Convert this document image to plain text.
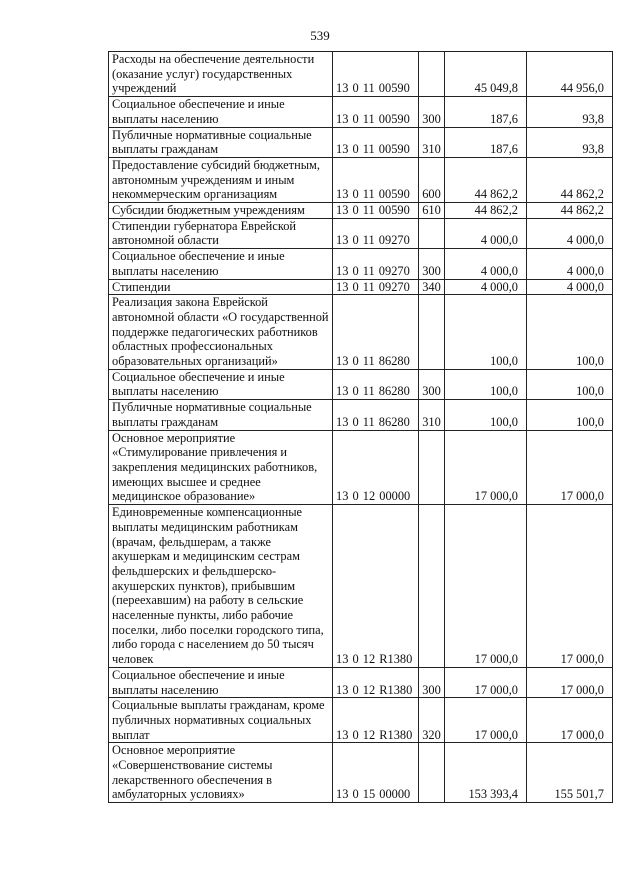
539
Расходы на обеспечение деятельности (оказание услуг) государственных учреждений	13 0 11 00590		45 049,8	44 956,0
Социальное обеспечение и иные выплаты населению	13 0 11 00590	300	187,6	93,8
Публичные нормативные социальные выплаты гражданам	13 0 11 00590	310	187,6	93,8
Предоставление субсидий бюджетным, автономным учреждениям и иным некоммерческим организациям	13 0 11 00590	600	44 862,2	44 862,2
Субсидии бюджетным учреждениям	13 0 11 00590	610	44 862,2	44 862,2
Стипендии губернатора Еврейской автономной области	13 0 11 09270		4 000,0	4 000,0
Социальное обеспечение и иные выплаты населению	13 0 11 09270	300	4 000,0	4 000,0
Стипендии	13 0 11 09270	340	4 000,0	4 000,0
Реализация закона Еврейской автономной области «О государственной поддержке педагогических работников областных профессиональных образовательных организаций»	13 0 11 86280		100,0	100,0
Социальное обеспечение и иные выплаты населению	13 0 11 86280	300	100,0	100,0
Публичные нормативные социальные выплаты гражданам	13 0 11 86280	310	100,0	100,0
Основное мероприятие «Стимулирование привлечения и закрепления медицинских работников, имеющих высшее и среднее медицинское образование»	13 0 12 00000		17 000,0	17 000,0
Единовременные компенсационные выплаты медицинским работникам (врачам, фельдшерам, а также акушеркам и медицинским сестрам фельдшерских и фельдшерско-акушерских пунктов), прибывшим (переехавшим) на работу в сельские населенные пункты, либо рабочие поселки, либо поселки городского типа, либо города с населением до 50 тысяч человек	13 0 12 R1380		17 000,0	17 000,0
Социальное обеспечение и иные выплаты населению	13 0 12 R1380	300	17 000,0	17 000,0
Социальные выплаты гражданам, кроме публичных нормативных социальных выплат	13 0 12 R1380	320	17 000,0	17 000,0
Основное мероприятие «Совершенствование системы лекарственного обеспечения в амбулаторных условиях»	13 0 15 00000		153 393,4	155 501,7
